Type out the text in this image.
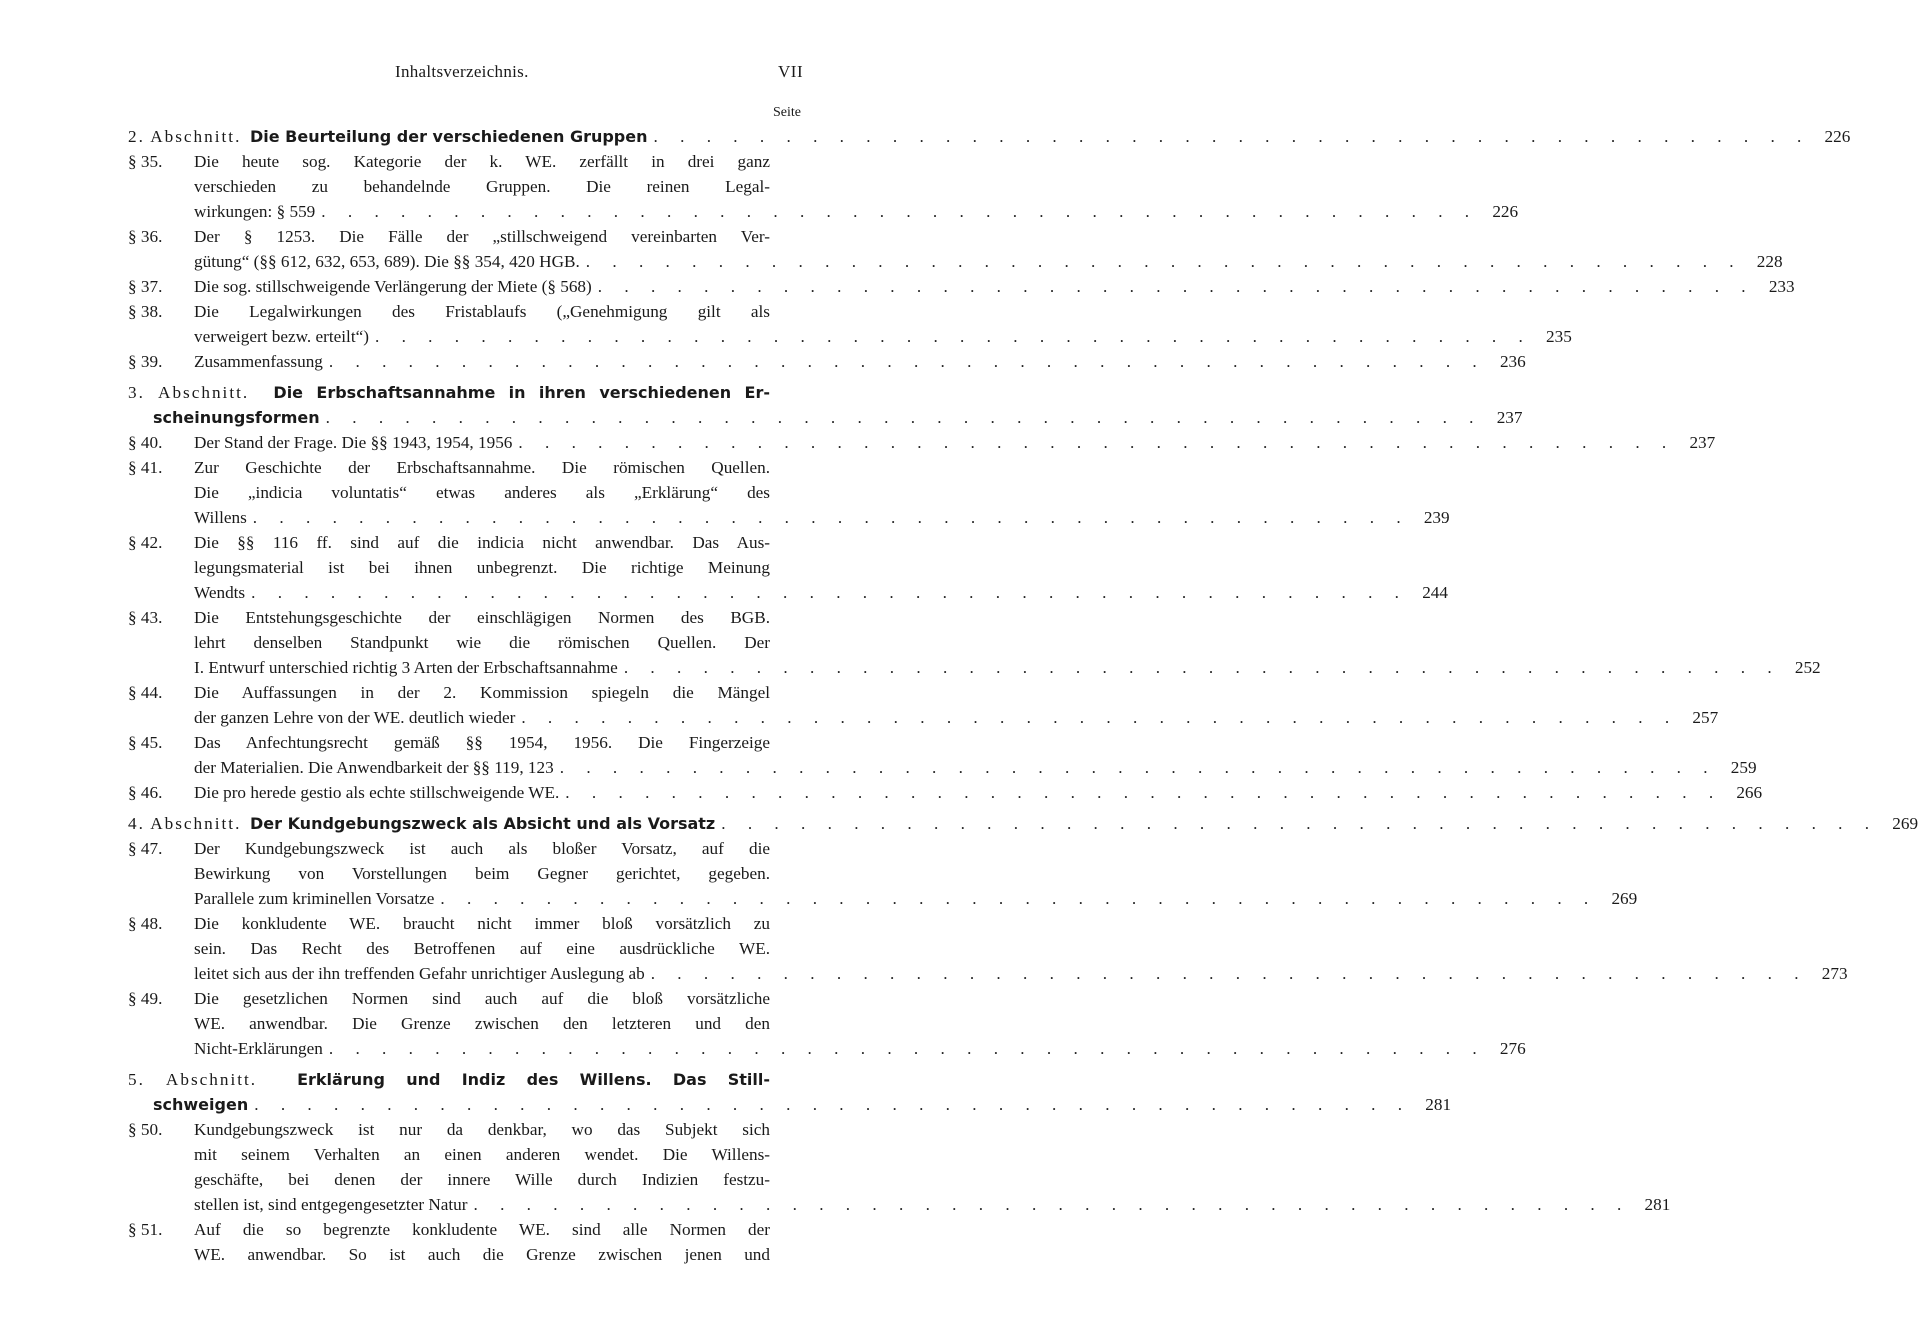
Inhaltsverzeichnis.	VII
Seite
2. Abschnitt. Die Beurteilung der verschiedenen Gruppen . . . . . . . . . . . . . . . . . . . . . . . . . . . . . . . . . . . . . . . . . . . . 226
§ 35. Die heute sog. Kategorie der k. WE. zerfällt in drei ganz
verschieden zu behandelnde Gruppen. Die reinen Legal-
wirkungen: § 559 . . . . . . . . . . . . . . . . . . . . . . . . . . . . . . . . . . . . . . . . . . . . 226
§ 36. Der § 1253. Die Fälle der „stillschweigend vereinbarten Ver-
gütung“ (§§ 612, 632, 653, 689). Die §§ 354, 420 HGB. . . . . . . . . . . . . . . . . . . . . . . . . . . . . . . . . . . . . . . . . . . . . 228
§ 37. Die sog. stillschweigende Verlängerung der Miete (§ 568) . . . . . . . . . . . . . . . . . . . . . . . . . . . . . . . . . . . . . . . . . . . . 233
§ 38. Die Legalwirkungen des Fristablaufs („Genehmigung gilt als
verweigert bezw. erteilt“) . . . . . . . . . . . . . . . . . . . . . . . . . . . . . . . . . . . . . . . . . . . . 235
§ 39. Zusammenfassung . . . . . . . . . . . . . . . . . . . . . . . . . . . . . . . . . . . . . . . . . . . . 236
3. Abschnitt. Die Erbschaftsannahme in ihren verschiedenen Er-
scheinungsformen . . . . . . . . . . . . . . . . . . . . . . . . . . . . . . . . . . . . . . . . . . . . 237
§ 40. Der Stand der Frage. Die §§ 1943, 1954, 1956 . . . . . . . . . . . . . . . . . . . . . . . . . . . . . . . . . . . . . . . . . . . . 237
§ 41. Zur Geschichte der Erbschaftsannahme. Die römischen Quellen.
Die „indicia voluntatis“ etwas anderes als „Erklärung“ des
Willens . . . . . . . . . . . . . . . . . . . . . . . . . . . . . . . . . . . . . . . . . . . . 239
§ 42. Die §§ 116 ff. sind auf die indicia nicht anwendbar. Das Aus-
legungsmaterial ist bei ihnen unbegrenzt. Die richtige Meinung
Wendts . . . . . . . . . . . . . . . . . . . . . . . . . . . . . . . . . . . . . . . . . . . . 244
§ 43. Die Entstehungsgeschichte der einschlägigen Normen des BGB.
lehrt denselben Standpunkt wie die römischen Quellen. Der
I. Entwurf unterschied richtig 3 Arten der Erbschaftsannahme . . . . . . . . . . . . . . . . . . . . . . . . . . . . . . . . . . . . . . . . . . . . 252
§ 44. Die Auffassungen in der 2. Kommission spiegeln die Mängel
der ganzen Lehre von der WE. deutlich wieder . . . . . . . . . . . . . . . . . . . . . . . . . . . . . . . . . . . . . . . . . . . . 257
§ 45. Das Anfechtungsrecht gemäß §§ 1954, 1956. Die Fingerzeige
der Materialien. Die Anwendbarkeit der §§ 119, 123 . . . . . . . . . . . . . . . . . . . . . . . . . . . . . . . . . . . . . . . . . . . . 259
§ 46. Die pro herede gestio als echte stillschweigende WE. . . . . . . . . . . . . . . . . . . . . . . . . . . . . . . . . . . . . . . . . . . . . 266
4. Abschnitt. Der Kundgebungszweck als Absicht und als Vorsatz . . . . . . . . . . . . . . . . . . . . . . . . . . . . . . . . . . . . . . . . . . . . 269
§ 47. Der Kundgebungszweck ist auch als bloßer Vorsatz, auf die
Bewirkung von Vorstellungen beim Gegner gerichtet, gegeben.
Parallele zum kriminellen Vorsatze . . . . . . . . . . . . . . . . . . . . . . . . . . . . . . . . . . . . . . . . . . . . 269
§ 48. Die konkludente WE. braucht nicht immer bloß vorsätzlich zu
sein. Das Recht des Betroffenen auf eine ausdrückliche WE.
leitet sich aus der ihn treffenden Gefahr unrichtiger Auslegung ab . . . . . . . . . . . . . . . . . . . . . . . . . . . . . . . . . . . . . . . . . . . . 273
§ 49. Die gesetzlichen Normen sind auch auf die bloß vorsätzliche
WE. anwendbar. Die Grenze zwischen den letzteren und den
Nicht-Erklärungen . . . . . . . . . . . . . . . . . . . . . . . . . . . . . . . . . . . . . . . . . . . . 276
5. Abschnitt.	Erklärung und Indiz des Willens. Das Still-
schweigen . . . . . . . . . . . . . . . . . . . . . . . . . . . . . . . . . . . . . . . . . . . . 281
§ 50. Kundgebungszweck ist nur da denkbar, wo das Subjekt sich
mit seinem Verhalten an einen anderen wendet. Die Willens-
geschäfte, bei denen der innere Wille durch Indizien festzu-
stellen ist, sind entgegengesetzter Natur . . . . . . . . . . . . . . . . . . . . . . . . . . . . . . . . . . . . . . . . . . . . 281
§ 51. Auf die so begrenzte konkludente WE. sind alle Normen der
WE. anwendbar. So ist auch die Grenze zwischen jenen und
